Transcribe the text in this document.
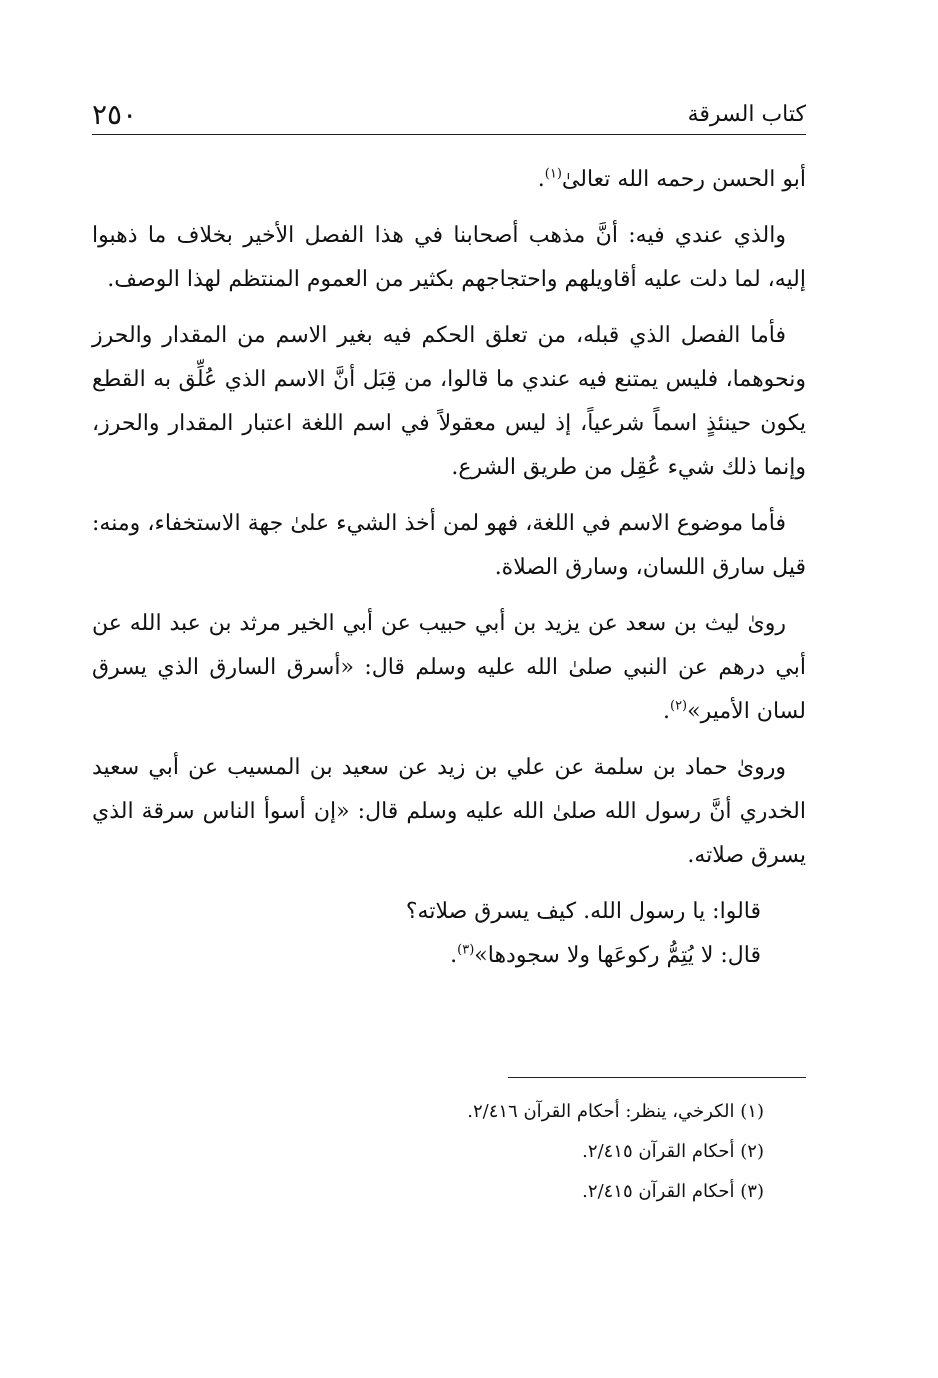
كتاب السرقة
٢٥٠

أبو الحسن رحمه الله تعالىٰ$^{(١)}$.

والذي عندي فيه: أنَّ مذهب أصحابنا في هذا الفصل الأخير بخلاف ما ذهبوا إليه، لما دلت عليه أقاويلهم واحتجاجهم بكثير من العموم المنتظم لهذا الوصف.

فأما الفصل الذي قبله، من تعلق الحكم فيه بغير الاسم من المقدار والحرز ونحوهما، فليس يمتنع فيه عندي ما قالوا، من قِبَل أنَّ الاسم الذي عُلِّق به القطع يكون حينئذٍ اسماً شرعياً، إذ ليس معقولاً في اسم اللغة اعتبار المقدار والحرز، وإنما ذلك شيء عُقِل من طريق الشرع.

فأما موضوع الاسم في اللغة، فهو لمن أخذ الشيء علىٰ جهة الاستخفاء، ومنه: قيل سارق اللسان، وسارق الصلاة.

روىٰ ليث بن سعد عن يزيد بن أبي حبيب عن أبي الخير مرثد بن عبد الله عن أبي درهم عن النبي صلىٰ الله عليه وسلم قال: «أسرق السارق الذي يسرق لسان الأمير»$^{(٢)}$.

وروىٰ حماد بن سلمة عن علي بن زيد عن سعيد بن المسيب عن أبي سعيد الخدري أنَّ رسول الله صلىٰ الله عليه وسلم قال: «إن أسوأ الناس سرقة الذي يسرق صلاته.

قالوا: يا رسول الله. كيف يسرق صلاته؟

قال: لا يُتِمُّ ركوعَها ولا سجودها»$^{(٣)}$.

(١) الكرخي، ينظر: أحكام القرآن ٢/٤١٦.

(٢) أحكام القرآن ٢/٤١٥.

(٣) أحكام القرآن ٢/٤١٥.
